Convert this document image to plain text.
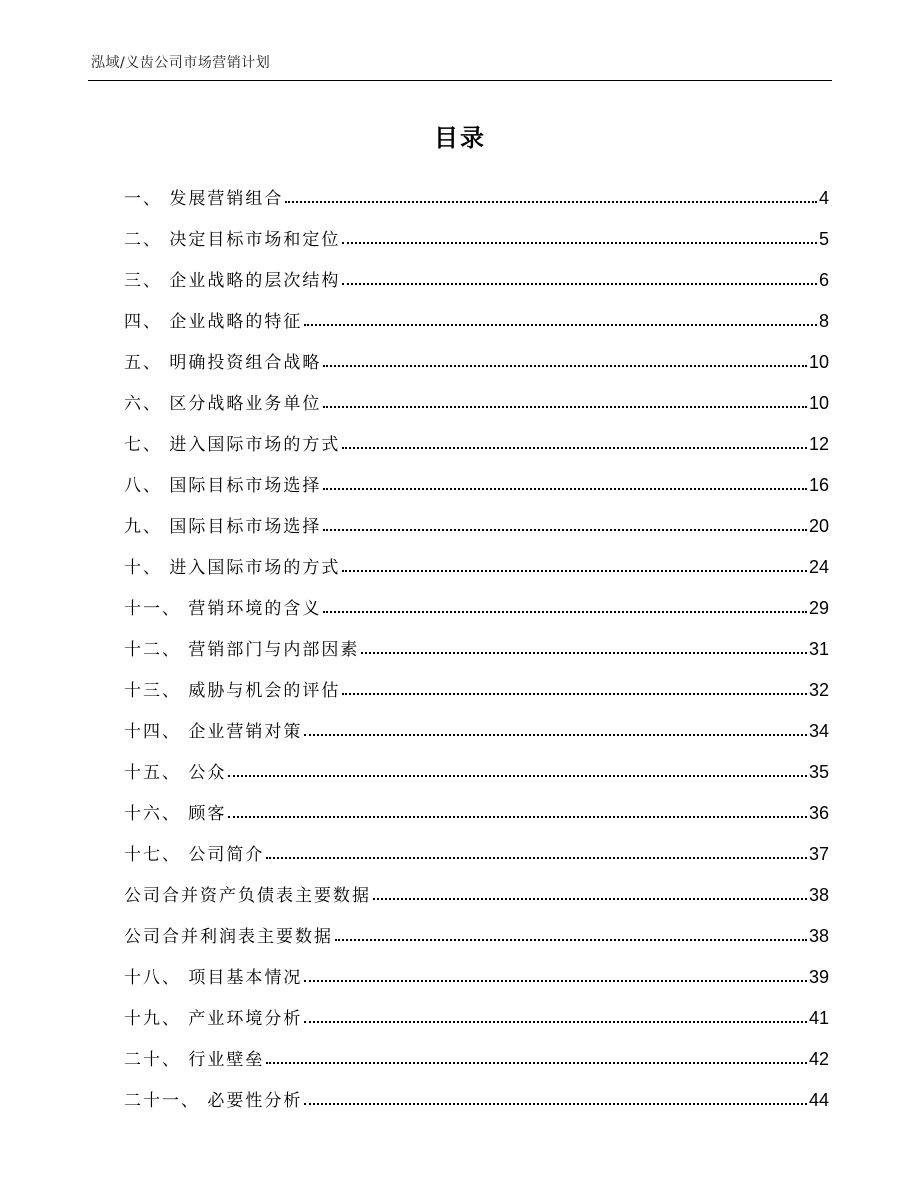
泓域/义齿公司市场营销计划
目录
一、 发展营销组合	4
二、 决定目标市场和定位	5
三、 企业战略的层次结构	6
四、 企业战略的特征	8
五、 明确投资组合战略	10
六、 区分战略业务单位	10
七、 进入国际市场的方式	12
八、 国际目标市场选择	16
九、 国际目标市场选择	20
十、 进入国际市场的方式	24
十一、 营销环境的含义	29
十二、 营销部门与内部因素	31
十三、 威胁与机会的评估	32
十四、 企业营销对策	34
十五、 公众	35
十六、 顾客	36
十七、 公司简介	37
公司合并资产负债表主要数据	38
公司合并利润表主要数据	38
十八、 项目基本情况	39
十九、 产业环境分析	41
二十、 行业壁垒	42
二十一、 必要性分析	44
